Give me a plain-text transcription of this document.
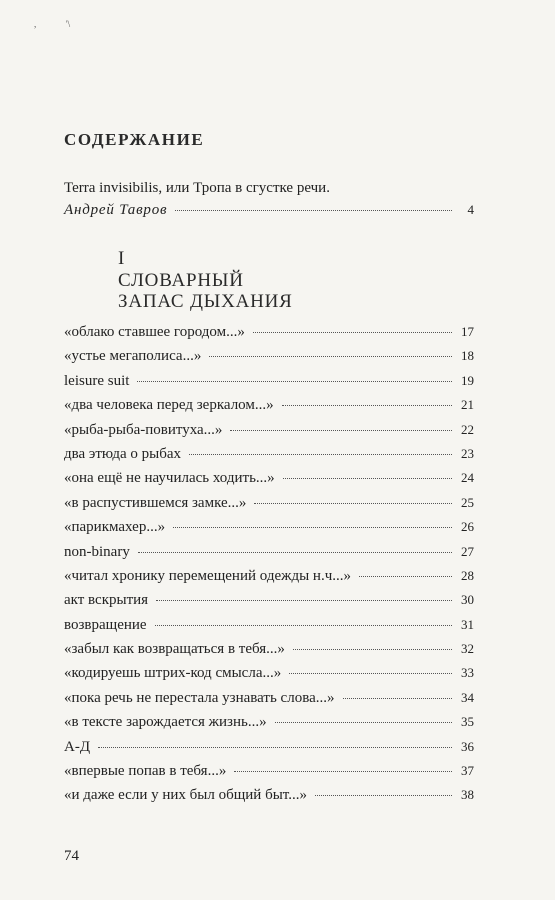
,	'\
СОДЕРЖАНИЕ
Terra invisibilis, или Тропа в сгустке речи.
Андрей Тавров	4
I
СЛОВАРНЫЙ
ЗАПАС ДЫХАНИЯ
«облако ставшее городом...»	17
«устье мегаполиса...»	18
leisure suit	19
«два человека перед зеркалом...»	21
«рыба-рыба-повитуха...»	22
два этюда о рыбах	23
«она ещё не научилась ходить...»	24
«в распустившемся замке...»	25
«парикмахер...»	26
non-binary	27
«читал хронику перемещений одежды н.ч...»	28
акт вскрытия	30
возвращение	31
«забыл как возвращаться в тебя...»	32
«кодируешь штрих-код смысла...»	33
«пока речь не перестала узнавать слова...»	34
«в тексте зарождается жизнь...»	35
А-Д	36
«впервые попав в тебя...»	37
«и даже если у них был общий быт...»	38
74
